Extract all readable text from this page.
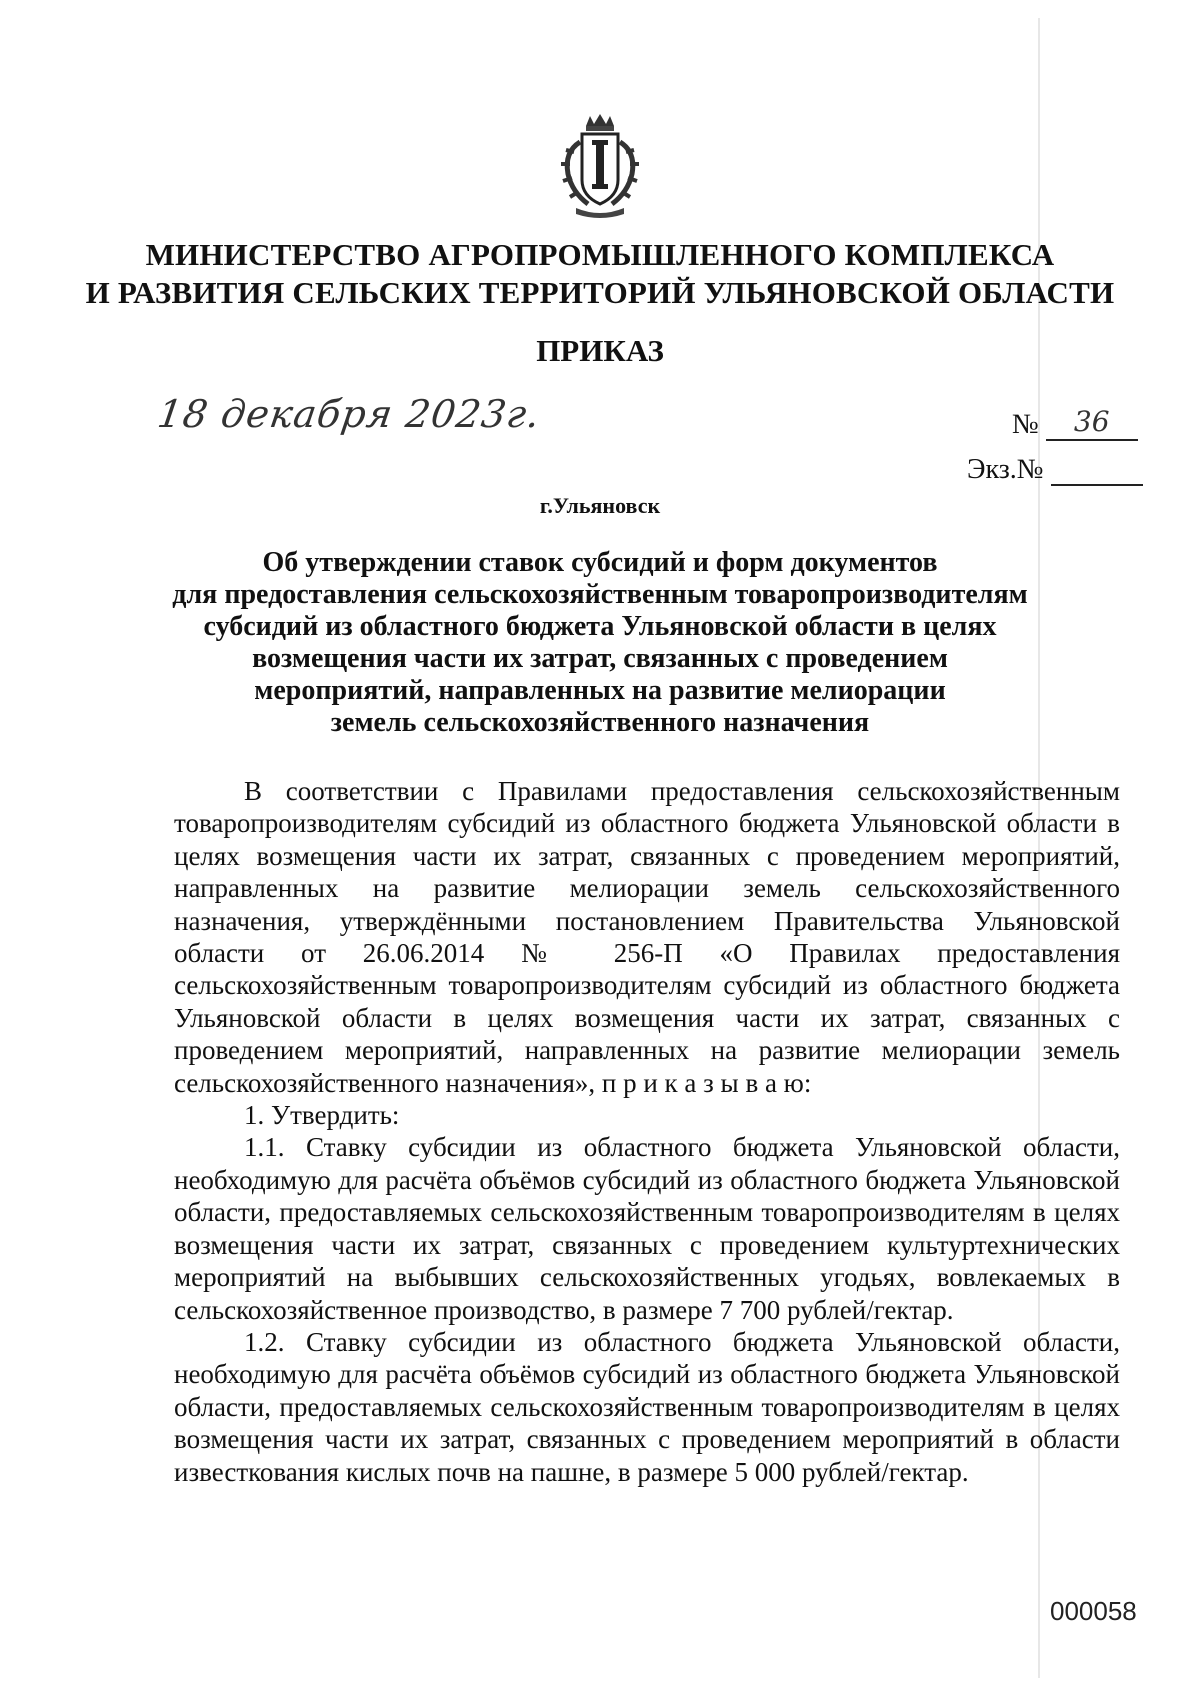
МИНИСТЕРСТВО АГРОПРОМЫШЛЕННОГО КОМПЛЕКСА
И РАЗВИТИЯ СЕЛЬСКИХ ТЕРРИТОРИЙ УЛЬЯНОВСКОЙ ОБЛАСТИ
ПРИКАЗ
18 декабря 2023г.	№ 36
Экз.№
г.Ульяновск
Об утверждении ставок субсидий и форм документов
для предоставления сельскохозяйственным товаропроизводителям
субсидий из областного бюджета Ульяновской области в целях
возмещения части их затрат, связанных с проведением
мероприятий, направленных на развитие мелиорации
земель сельскохозяйственного назначения

В соответствии с Правилами предоставления сельскохозяйственным товаропроизводителям субсидий из областного бюджета Ульяновской области в целях возмещения части их затрат, связанных с проведением мероприятий, направленных на развитие мелиорации земель сельскохозяйственного назначения, утверждёнными постановлением Правительства Ульяновской области от 26.06.2014 № 256-П «О Правилах предоставления сельскохозяйственным товаропроизводителям субсидий из областного бюджета Ульяновской области в целях возмещения части их затрат, связанных с проведением мероприятий, направленных на развитие мелиорации земель сельскохозяйственного назначения», п р и к а з ы в а ю:

1. Утвердить:

1.1. Ставку субсидии из областного бюджета Ульяновской области, необходимую для расчёта объёмов субсидий из областного бюджета Ульяновской области, предоставляемых сельскохозяйственным товаропроизводителям в целях возмещения части их затрат, связанных с проведением культуртехнических мероприятий на выбывших сельскохозяйственных угодьях, вовлекаемых в сельскохозяйственное производство, в размере 7 700 рублей/гектар.

1.2. Ставку субсидии из областного бюджета Ульяновской области, необходимую для расчёта объёмов субсидий из областного бюджета Ульяновской области, предоставляемых сельскохозяйственным товаропроизводителям в целях возмещения части их затрат, связанных с проведением мероприятий в области известкования кислых почв на пашне, в размере 5 000 рублей/гектар.

000058
